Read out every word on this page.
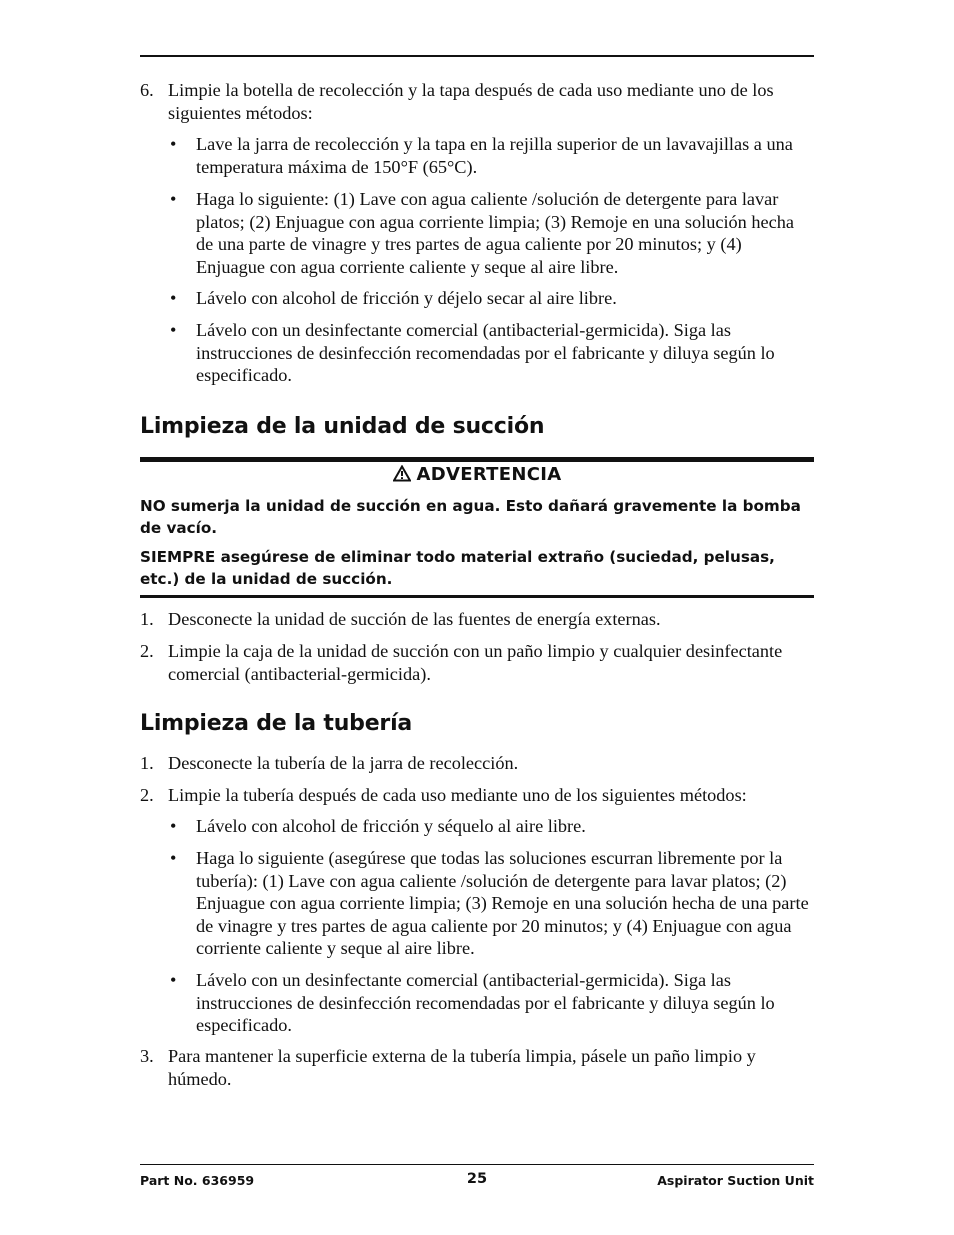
6. Limpie la botella de recolección y la tapa después de cada uso mediante uno de los siguientes métodos:
• Lave la jarra de recolección y la tapa en la rejilla superior de un lavavajillas a una temperatura máxima de 150°F (65°C).
• Haga lo siguiente: (1) Lave con agua caliente /solución de detergente para lavar platos; (2) Enjuague con agua corriente limpia; (3) Remoje en una solución hecha de una parte de vinagre y tres partes de agua caliente por 20 minutos; y (4) Enjuague con agua corriente caliente y seque al aire libre.
• Lávelo con alcohol de fricción y déjelo secar al aire libre.
• Lávelo con un desinfectante comercial (antibacterial-germicida). Siga las instrucciones de desinfección recomendadas por el fabricante y diluya según lo especificado.
Limpieza de la unidad de succión
ADVERTENCIA
NO sumerja la unidad de succión en agua. Esto dañará gravemente la bomba de vacío.
SIEMPRE asegúrese de eliminar todo material extraño (suciedad, pelusas, etc.) de la unidad de succión.
1. Desconecte la unidad de succión de las fuentes de energía externas.
2. Limpie la caja de la unidad de succión con un paño limpio y cualquier desinfectante comercial (antibacterial-germicida).
Limpieza de la tubería
1. Desconecte la tubería de la jarra de recolección.
2. Limpie la tubería después de cada uso mediante uno de los siguientes métodos:
• Lávelo con alcohol de fricción y séquelo al aire libre.
• Haga lo siguiente (asegúrese que todas las soluciones escurran libremente por la tubería): (1) Lave con agua caliente /solución de detergente para lavar platos; (2) Enjuague con agua corriente limpia; (3) Remoje en una solución hecha de una parte de vinagre y tres partes de agua caliente por 20 minutos; y (4) Enjuague con agua corriente caliente y seque al aire libre.
• Lávelo con un desinfectante comercial (antibacterial-germicida). Siga las instrucciones de desinfección recomendadas por el fabricante y diluya según lo especificado.
3. Para mantener la superficie externa de la tubería limpia, pásele un paño limpio y húmedo.
Part No. 636959	25	Aspirator Suction Unit
